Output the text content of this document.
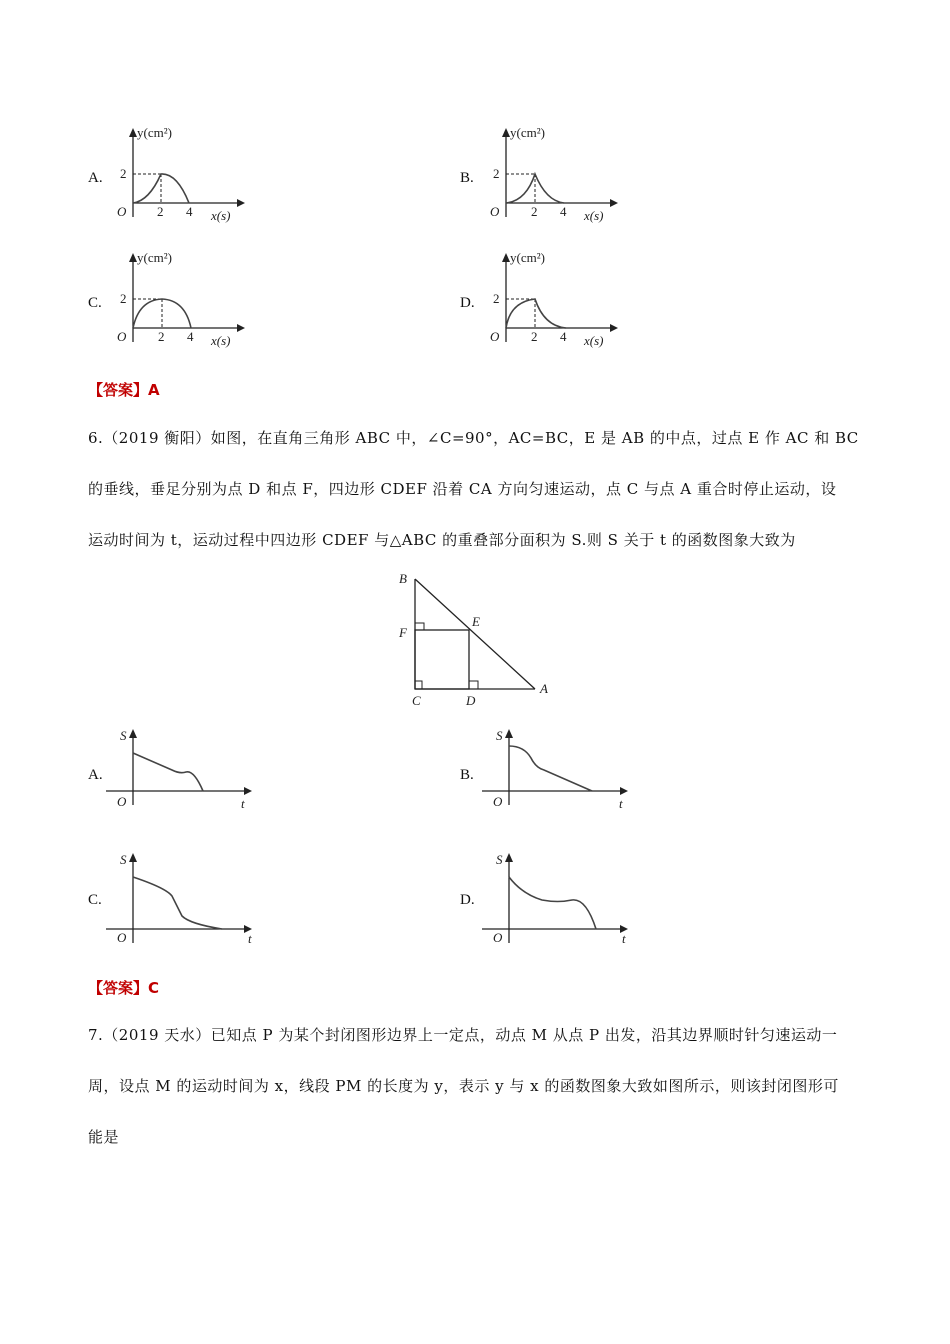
A.
y(cm²)
2
O 2 4 x(s)
B.
y(cm²)
2
O 2 4 x(s)
C.
y(cm²)
2
O 2 4 x(s)
D.
y(cm²)
2
O 2 4 x(s)
【答案】A
6.（2019 衡阳）如图，在直角三角形 ABC 中，∠C=90°，AC=BC，E 是 AB 的中点，过点 E 作 AC 和 BC
的垂线，垂足分别为点 D 和点 F，四边形 CDEF 沿着 CA 方向匀速运动，点 C 与点 A 重合时停止运动，设
运动时间为 t，运动过程中四边形 CDEF 与△ABC 的重叠部分面积为 S.则 S 关于 t 的函数图象大致为
B
E
F
C	D
A
A.
S
O	t
B.
S
O	t
C.
S
O	t
D.
S
O	t
【答案】C
7.（2019 天水）已知点 P 为某个封闭图形边界上一定点，动点 M 从点 P 出发，沿其边界顺时针匀速运动一
周，设点 M 的运动时间为 x，线段 PM 的长度为 y，表示 y 与 x 的函数图象大致如图所示，则该封闭图形可
能是
